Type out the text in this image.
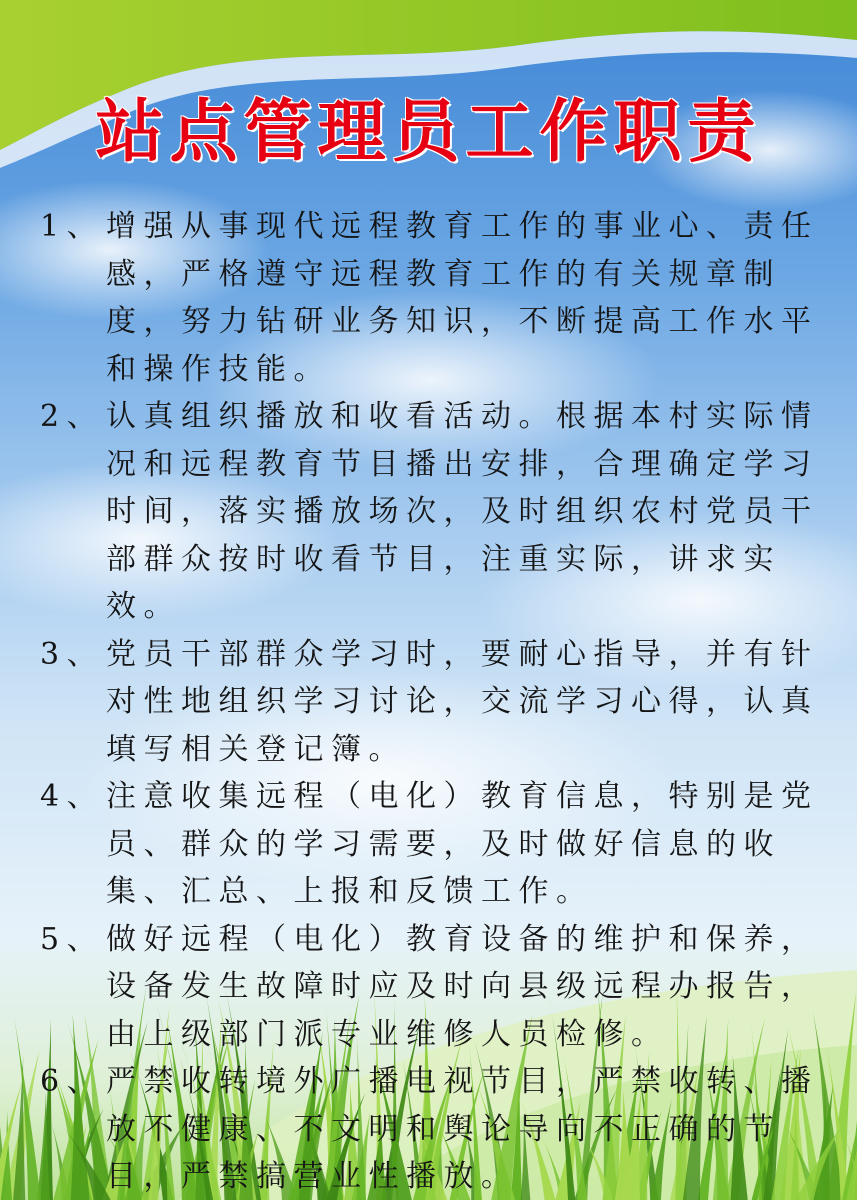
站点管理员工作职责

1、 增强从事现代远程教育工作的事业心、责任感，严格遵守远程教育工作的有关规章制度，努力钻研业务知识，不断提高工作水平和操作技能。

2、 认真组织播放和收看活动。根据本村实际情况和远程教育节目播出安排，合理确定学习时间，落实播放场次，及时组织农村党员干部群众按时收看节目，注重实际，讲求实效。

3、 党员干部群众学习时，要耐心指导，并有针对性地组织学习讨论，交流学习心得，认真填写相关登记簿。

4、 注意收集远程（电化）教育信息，特别是党员、群众的学习需要，及时做好信息的收集、汇总、上报和反馈工作。

5、 做好远程（电化）教育设备的维护和保养，设备发生故障时应及时向县级远程办报告，由上级部门派专业维修人员检修。

6、 严禁收转境外广播电视节目，严禁收转、播放不健康、不文明和舆论导向不正确的节目，严禁搞营业性播放。
